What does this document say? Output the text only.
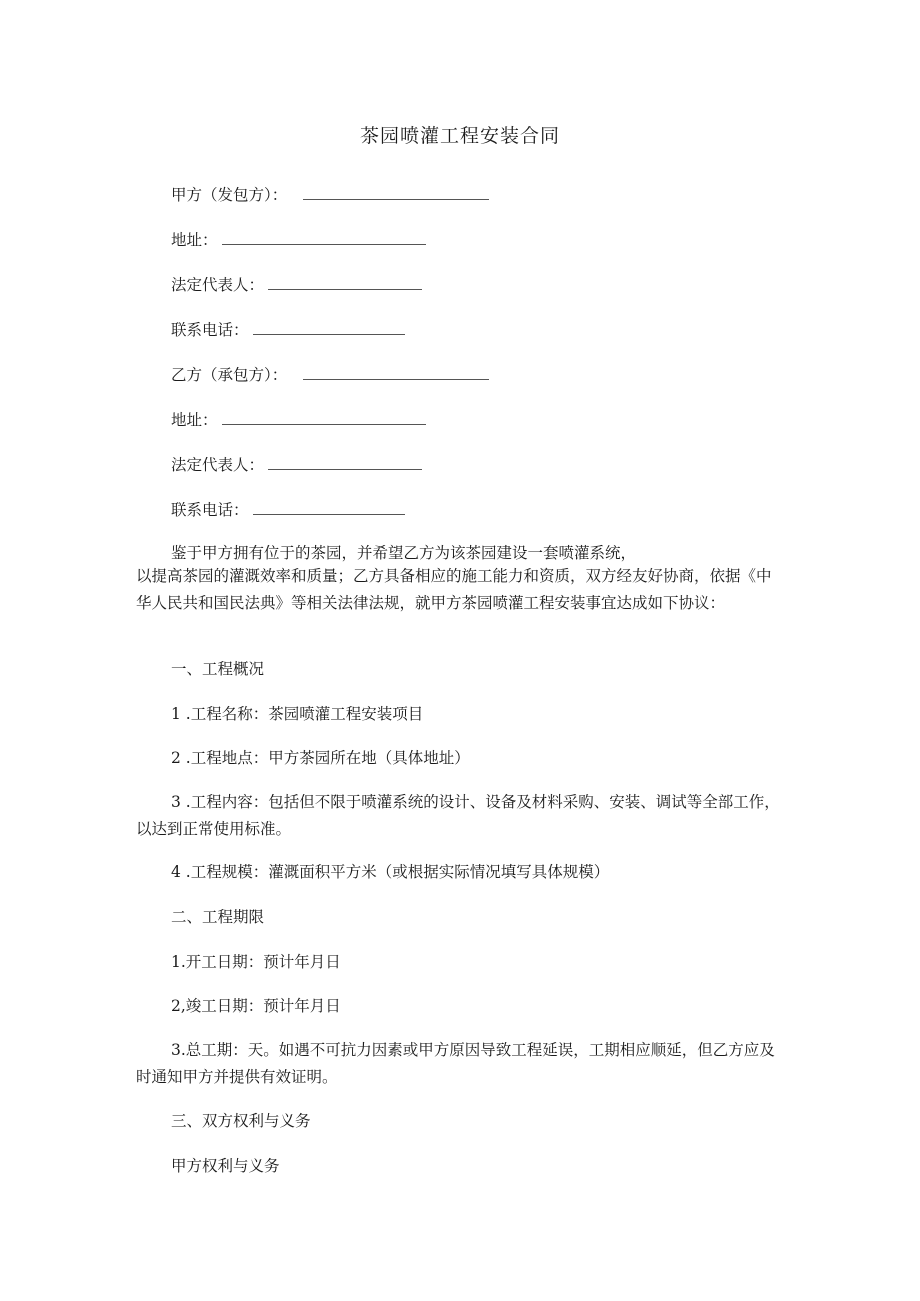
茶园喷灌工程安装合同
甲方（发包方）：
地址：
法定代表人：
联系电话：
乙方（承包方）：
地址：
法定代表人：
联系电话：
鉴于甲方拥有位于的茶园，并希望乙方为该茶园建设一套喷灌系统，
以提高茶园的灌溉效率和质量；乙方具备相应的施工能力和资质，双方经友好协商，依据《中华人民共和国民法典》等相关法律法规，就甲方茶园喷灌工程安装事宜达成如下协议：
一、工程概况
1 .工程名称：茶园喷灌工程安装项目
2 .工程地点：甲方茶园所在地（具体地址）
3 .工程内容：包括但不限于喷灌系统的设计、设备及材料采购、安装、调试等全部工作，以达到正常使用标准。
4 .工程规模：灌溉面积平方米（或根据实际情况填写具体规模）
二、工程期限
1.开工日期：预计年月日
2,竣工日期：预计年月日
3.总工期：天。如遇不可抗力因素或甲方原因导致工程延误，工期相应顺延，但乙方应及时通知甲方并提供有效证明。
三、双方权利与义务
甲方权利与义务
